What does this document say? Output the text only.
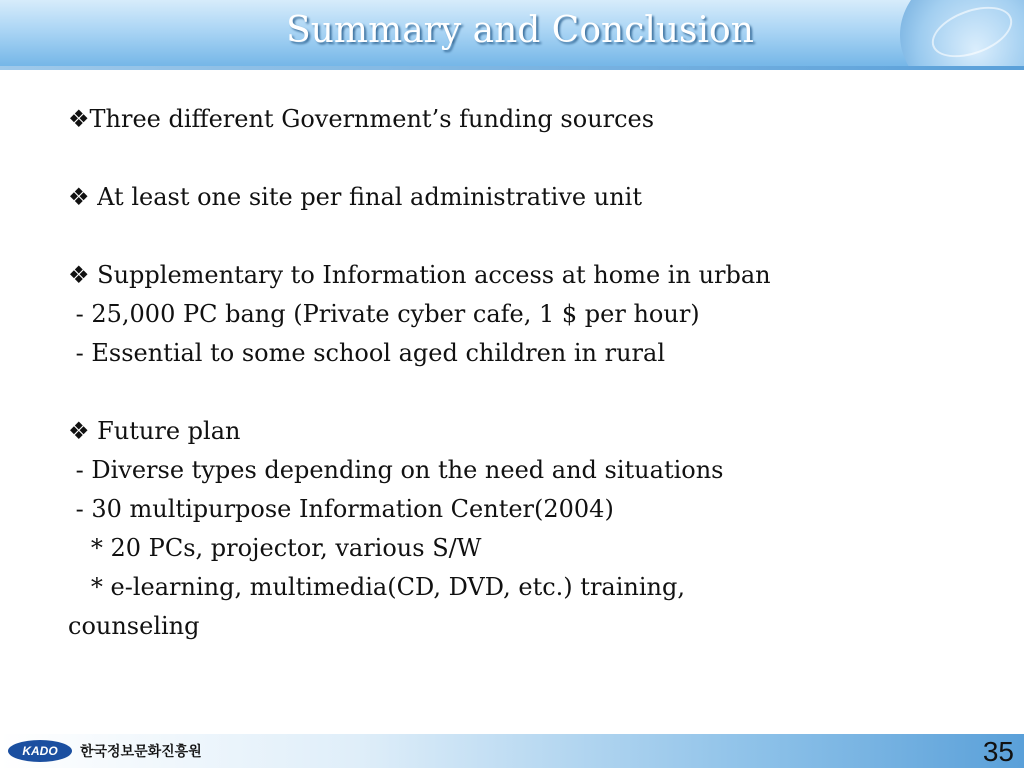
Summary and Conclusion
❖Three different Government’s funding sources
❖ At least one site per final administrative unit
❖ Supplementary to Information access at home in urban
- 25,000 PC bang (Private cyber cafe, 1 $ per hour)
- Essential to some school aged children in rural
❖ Future plan
- Diverse types depending on the need and situations
- 30 multipurpose Information Center(2004)
* 20 PCs, projector, various S/W
* e-learning, multimedia(CD, DVD, etc.) training,
counseling
KADO	한국정보문화진흥원	35
